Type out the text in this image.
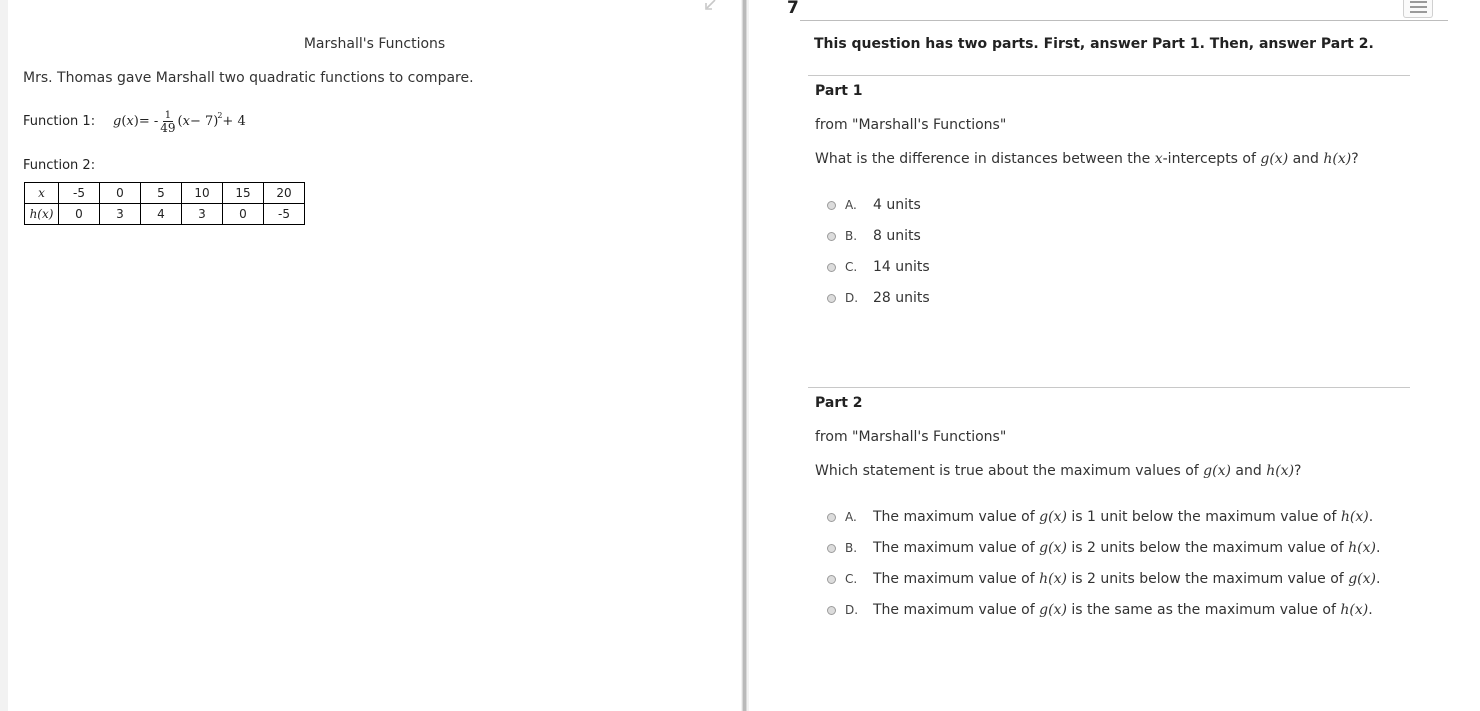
Marshall's Functions
Mrs. Thomas gave Marshall two quadratic functions to compare.
Function 1:	g ( x ) = - $\frac{1}{49}$ ( x − 7)$^2$ + 4
Function 2:
x	-5	0	5	10	15	20
h(x)	0	3	4	3	0	-5
7
This question has two parts. First, answer Part 1. Then, answer Part 2.
Part 1
from "Marshall's Functions"
What is the difference in distances between the x-intercepts of g(x) and h(x)?
A.	4 units
B.	8 units
C.	14 units
D.	28 units
Part 2
from "Marshall's Functions"
Which statement is true about the maximum values of g(x) and h(x)?
A.	The maximum value of g(x) is 1 unit below the maximum value of h(x).
B.	The maximum value of g(x) is 2 units below the maximum value of h(x).
C.	The maximum value of h(x) is 2 units below the maximum value of g(x).
D.	The maximum value of g(x) is the same as the maximum value of h(x).
